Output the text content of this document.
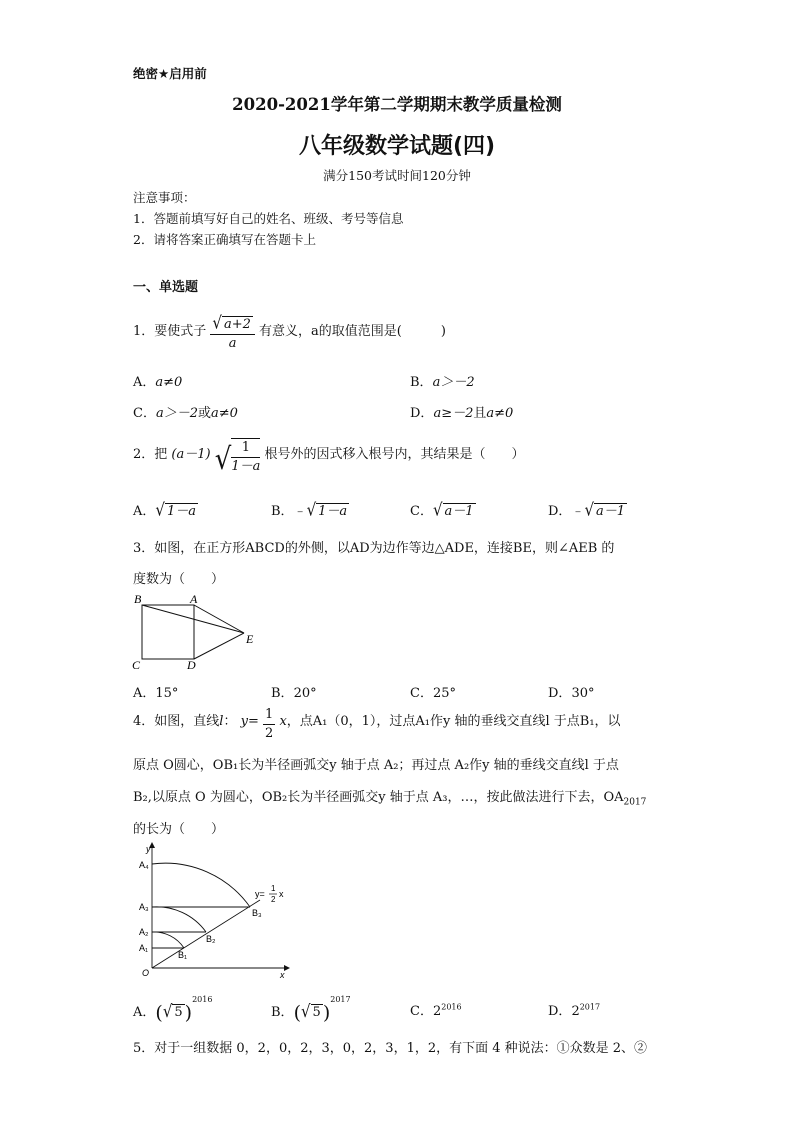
绝密★启用前
2020-2021学年第二学期期末教学质量检测
八年级数学试题(四)
满分150考试时间120分钟
注意事项：
1．答题前填写好自己的姓名、班级、考号等信息
2．请将答案正确填写在答题卡上
一、单选题
1．要使式子 $\frac{√ a+2}{a}$ 有意义，a的取值范围是(　　　)
A．a≠0	B．a＞－2
C．a＞－2或a≠0	D．a≥－2且a≠0
2．把 (a－1) √ $\frac{1}{1-a}$ 根号外的因式移入根号内，其结果是（　　）
A．√ 1－a	B．﹣√ 1－a	C．√ a－1	D．﹣√ a－1
3．如图，在正方形ABCD的外侧，以AD为边作等边△ADE，连接BE，则∠AEB 的
度数为（　　）
B	A
C	D
E
A．15°	B．20°	C．25°	D．30°
4．如图，直线l： $y= \frac{1}{2}$ x，点A₁（0，1），过点A₁作y 轴的垂线交直线l 于点B₁，以
原点 O圆心，OB₁长为半径画弧交y 轴于点 A₂；再过点 A₂作y 轴的垂线交直线l 于点
B₂,以原点 O 为圆心，OB₂长为半径画弧交y 轴于点 A₃，…，按此做法进行下去，$OA_{2017}$
的长为（　　）
y
x
O
A₁
A₂
A₃
A₄
B₁
B₂
B₃
y=
1
2
x
A．(√ 5 )$^{2016}$
B．(√ 5 )$^{2017}$
C．$2^{2016}$	D．$2^{2017}$
5．对于一组数据 0，2，0，2，3，0，2，3，1，2，有下面 4 种说法：①众数是 2、②
